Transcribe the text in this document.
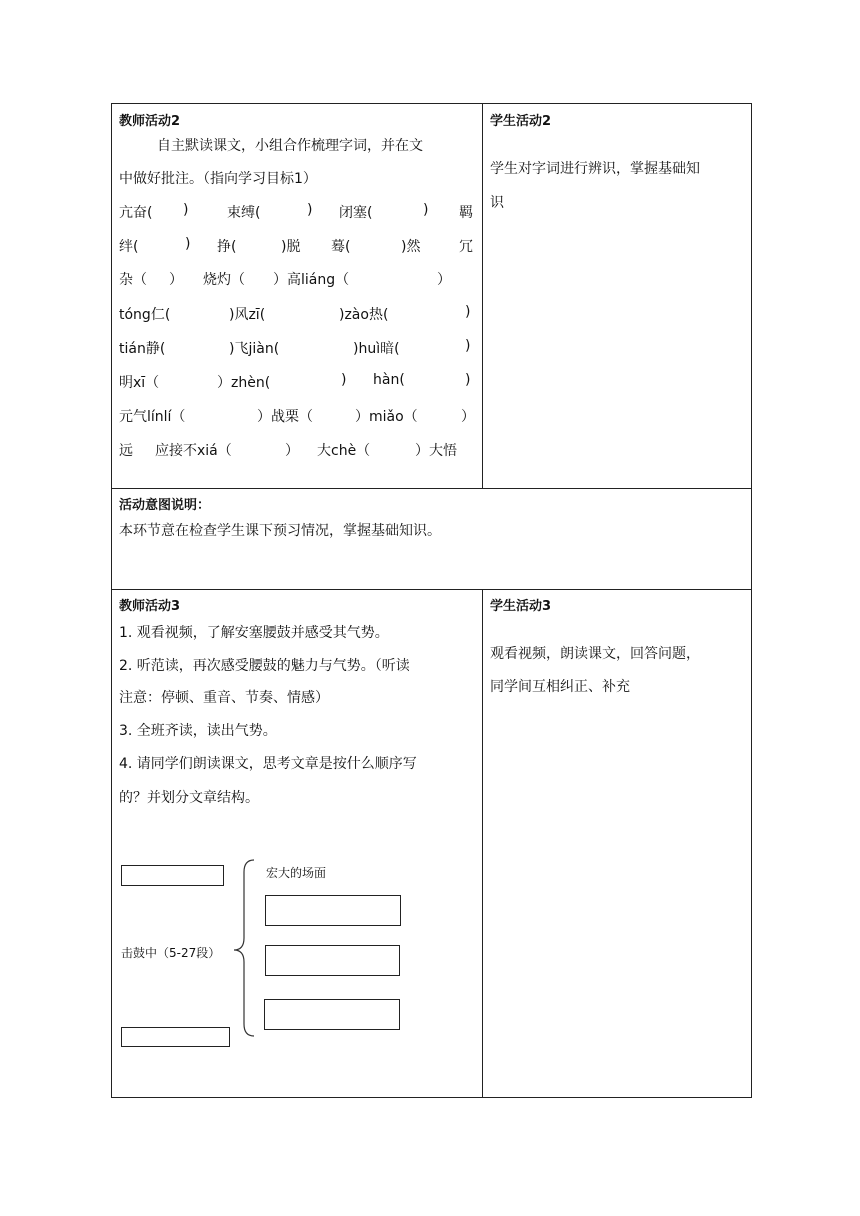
教师活动2
自主默读课文，小组合作梳理字词，并在文
中做好批注。（指向学习目标1）
亢奋( )	束缚(	) 闭塞(	) 羁
绊(	) 挣(	)脱 蓦(	)然	冗
杂（ ） 烧灼（ ）高liáng（	）
tóng仁(	)风zī(	)zào热(	)
tián静(	)飞jiàn(	)huì暗(	)
明xī（	）zhèn(	) hàn(	)
元气línlí（	）战栗（	）miǎo（	）
远 应接不xiá（	） 大chè（	）大悟
学生活动2
学生对字词进行辨识，掌握基础知
识
活动意图说明：
本环节意在检查学生课下预习情况，掌握基础知识。
教师活动3
1. 观看视频，了解安塞腰鼓并感受其气势。
2. 听范读，再次感受腰鼓的魅力与气势。（听读
注意：停顿、重音、节奏、情感）
3. 全班齐读，读出气势。
4. 请同学们朗读课文，思考文章是按什么顺序写
的？并划分文章结构。
击鼓中（5-27段）
宏大的场面
学生活动3
观看视频，朗读课文，回答问题，
同学间互相纠正、补充
